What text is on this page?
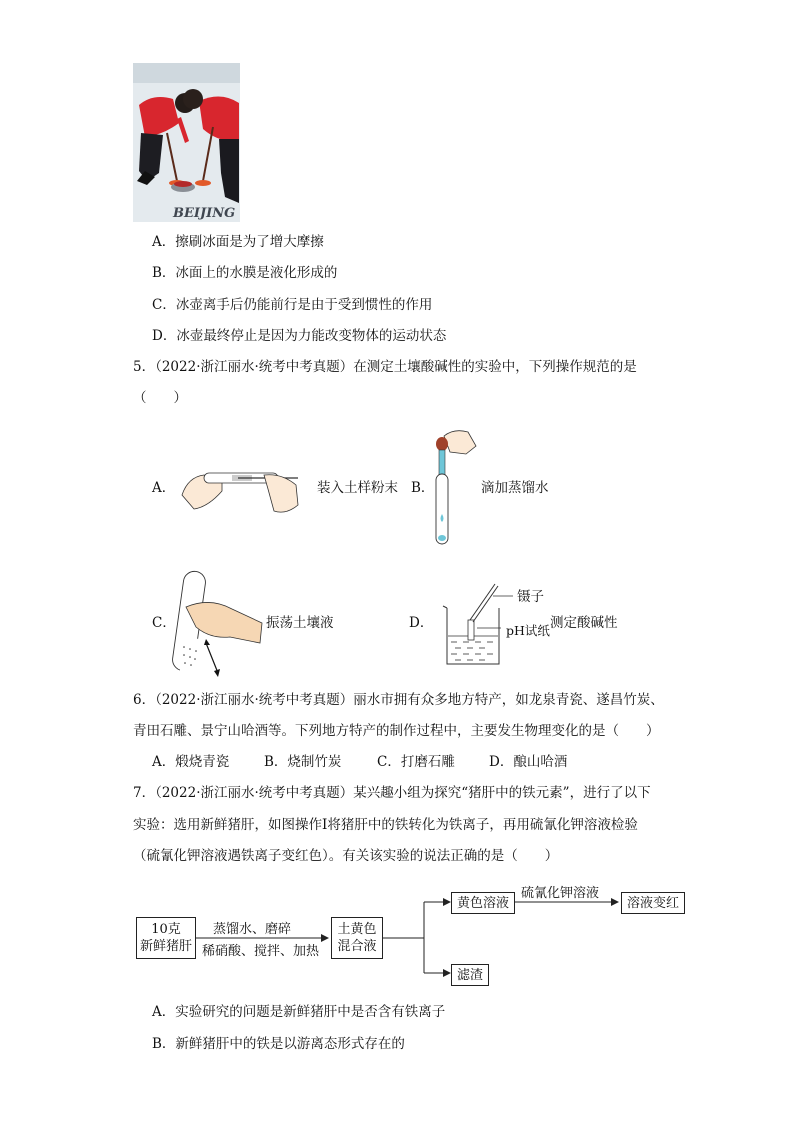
BEIJING
A．擦刷冰面是为了增大摩擦
B．冰面上的水膜是液化形成的
C．冰壶离手后仍能前行是由于受到惯性的作用
D．冰壶最终停止是因为力能改变物体的运动状态
5．（2022·浙江丽水·统考中考真题）在测定土壤酸碱性的实验中，下列操作规范的是
（　　）
A．	装入土样粉末 B．	滴加蒸馏水
C．	振荡土壤液	D．
镊子
pH试纸 测定酸碱性
6．（2022·浙江丽水·统考中考真题）丽水市拥有众多地方特产，如龙泉青瓷、遂昌竹炭、
青田石雕、景宁山哈酒等。下列地方特产的制作过程中，主要发生物理变化的是（　　）
A．煅烧青瓷	B．烧制竹炭	C．打磨石雕	D．酿山哈酒
7．（2022·浙江丽水·统考中考真题）某兴趣小组为探究“猪肝中的铁元素”，进行了以下
实验：选用新鲜猪肝，如图操作Ⅰ将猪肝中的铁转化为铁离子，再用硫氰化钾溶液检验
（硫氰化钾溶液遇铁离子变红色）。有关该实验的说法正确的是（　　）
10克
新鲜猪肝
蒸馏水、磨碎
稀硝酸、搅拌、加热
土黄色
混合液
黄色溶液
硫氰化钾溶液
溶液变红
滤渣
A．实验研究的问题是新鲜猪肝中是否含有铁离子
B．新鲜猪肝中的铁是以游离态形式存在的
